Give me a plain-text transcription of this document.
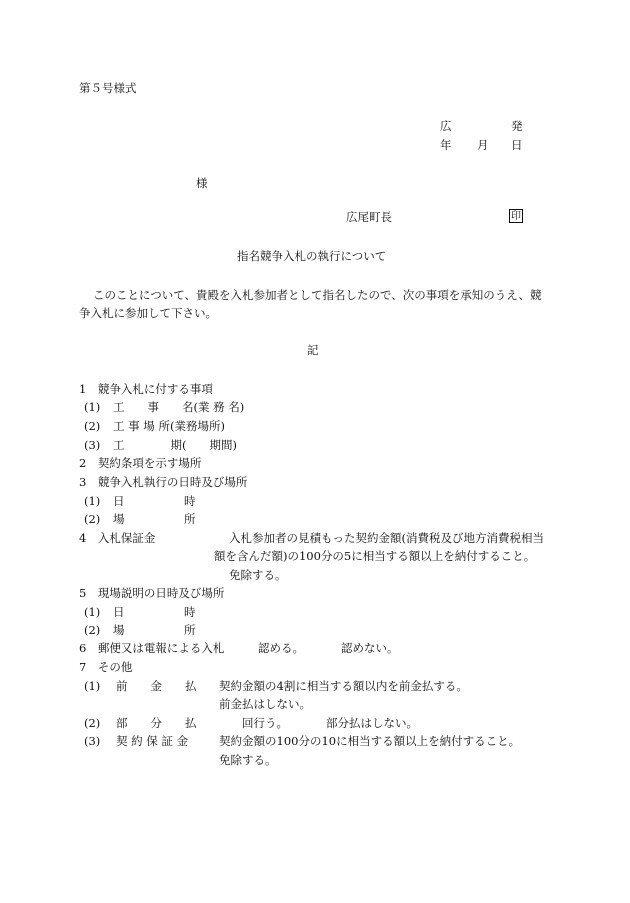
第５号様式
広	発
年 月 日
様
広尾町長	印
指名競争入札の執行について
このことについて、貴殿を入札参加者として指名したので、次の事項を承知のうえ、競
争入札に参加して下さい。
記
1　競争入札に付する事項
(1) 工　　事　　名(業 務 名)
(2) 工 事 場 所(業務場所)
(3) 工　　　　期(　　期間)
2　契約条項を示す場所
3　競争入札執行の日時及び場所
(1) 日	時
(2) 場	所
4　入札保証金	入札参加者の見積もった契約金額(消費税及び地方消費税相当
額を含んだ額)の100分の5に相当する額以上を納付すること。
免除する。
5　現場説明の日時及び場所
(1) 日	時
(2) 場	所
6　郵便又は電報による入札	認める。	認めない。
7　その他
(1) 前　　金　　払 契約金額の4割に相当する額以内を前金払する。
前金払はしない。
(2) 部　　分　　払	回行う。	部分払はしない。
(3) 契 約 保 証 金	契約金額の100分の10に相当する額以上を納付すること。
免除する。
